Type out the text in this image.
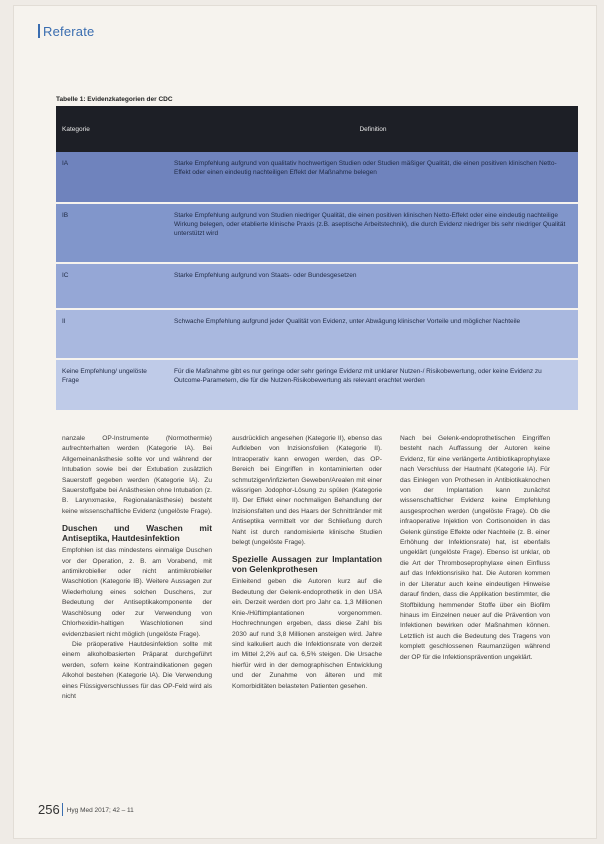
Referate
Tabelle 1: Evidenzkategorien der CDC
Kategorie	Definition
IA	Starke Empfehlung aufgrund von qualitativ hochwertigen Studien oder Studien mäßiger Qualität, die einen positiven klinischen Netto-Effekt oder einen eindeutig nachteiligen Effekt der Maßnahme belegen
IB	Starke Empfehlung aufgrund von Studien niedriger Qualität, die einen positiven klinischen Netto-Effekt oder eine eindeutig nachteilige Wirkung belegen, oder etablierte klinische Praxis (z.B. aseptische Arbeitstechnik), die durch Evidenz niedriger bis sehr niedriger Qualität unterstützt wird
IC	Starke Empfehlung aufgrund von Staats- oder Bundesgesetzen
II	Schwache Empfehlung aufgrund jeder Qualität von Evidenz, unter Abwägung klinischer Vorteile und möglicher Nachteile
Keine Empfehlung/ ungelöste Frage	Für die Maßnahme gibt es nur geringe oder sehr geringe Evidenz mit unklarer Nutzen-/ Risikobewertung, oder keine Evidenz zu Outcome-Parametern, die für die Nutzen-Risikobewertung als relevant erachtet werden

nanzale OP-Instrumente (Normothermie) aufrechterhalten werden (Kategorie IA). Bei Allgemeinanästhesie sollte vor und während der Intubation sowie bei der Extubation zusätzlich Sauerstoff gegeben werden (Kategorie IA). Zu Sauerstoffgabe bei Anästhesien ohne Intubation (z. B. Larynxmaske, Regionalanästhesie) besteht keine wissenschaftliche Evidenz (ungelöste Frage).

Duschen und Waschen mit Antiseptika, Hautdesinfektion

Empfohlen ist das mindestens einmalige Duschen vor der Operation, z. B. am Vorabend, mit antimikrobieller oder nicht antimikrobieller Waschlotion (Kategorie IB). Weitere Aussagen zur Wiederholung eines solchen Duschens, zur Bedeutung der Antiseptikakomponente der Waschlösung oder zur Verwendung von Chlorhexidin-haltigen Waschlotionen sind evidenzbasiert nicht möglich (ungelöste Frage).

Die präoperative Hautdesinfektion sollte mit einem alkoholbasierten Präparat durchgeführt werden, sofern keine Kontraindikationen gegen Alkohol bestehen (Kategorie IA). Die Verwendung eines Flüssigverschlusses für das OP-Feld wird als nicht

ausdrücklich angesehen (Kategorie II), ebenso das Aufkleben von Inzisionsfolien (Kategorie II). Intraoperativ kann erwogen werden, das OP-Bereich bei Eingriffen in kontaminierten oder schmutzigen/infizierten Geweben/Arealen mit einer wässrigen Jodophor-Lösung zu spülen (Kategorie II). Der Effekt einer nochmaligen Behandlung der Inzisionsfalten und des Haars der Schnittränder mit Antiseptika vermittelt vor der Schließung durch Naht ist durch randomisierte klinische Studien belegt (ungelöste Frage).

Spezielle Aussagen zur Implantation von Gelenkprothesen

Einleitend geben die Autoren kurz auf die Bedeutung der Gelenk-endoprothetik in den USA ein. Derzeit werden dort pro Jahr ca. 1,3 Millionen Knie-/Hüftimplantationen vorgenommen. Hochrechnungen ergeben, dass diese Zahl bis 2030 auf rund 3,8 Millionen ansteigen wird. Jahre sind kalkuliert auch die Infektionsrate von derzeit im Mittel 2,2% auf ca. 6,5% steigen. Die Ursache hierfür wird in der demographischen Entwicklung und der Zunahme von älteren und mit Komorbiditäten belasteten Patienten gesehen.

Nach bei Gelenk-endoprothetischen Eingriffen besteht nach Auffassung der Autoren keine Evidenz, für eine verlängerte Antibiotikaprophylaxe nach Verschluss der Hautnaht (Kategorie IA). Für das Einlegen von Prothesen in Antibiotikaknochen von der Implantation kann zunächst wissenschaftlicher Evidenz keine Empfehlung ausgesprochen werden (ungelöste Frage). Ob die infraoperative Injektion von Cortisonoiden in das Gelenk günstige Effekte oder Nachteile (z. B. einer Erhöhung der Infektionsrate) hat, ist ebenfalls ungeklärt (ungelöste Frage). Ebenso ist unklar, ob die Art der Thromboseprophylaxe einen Einfluss auf das Infektionsrisiko hat. Die Autoren kommen in der Literatur auch keine eindeutigen Hinweise darauf finden, dass die Applikation bestimmter, die Stoffbildung hemmender Stoffe über ein Biofilm hinaus im Einzelnen neuer auf die Prävention von Infektionen bewirken oder Maßnahmen können. Letztlich ist auch die Bedeutung des Tragens von komplett geschlossenen Raumanzügen während der OP für die Infektionsprävention ungeklärt.

256 Hyg Med 2017; 42 – 11
